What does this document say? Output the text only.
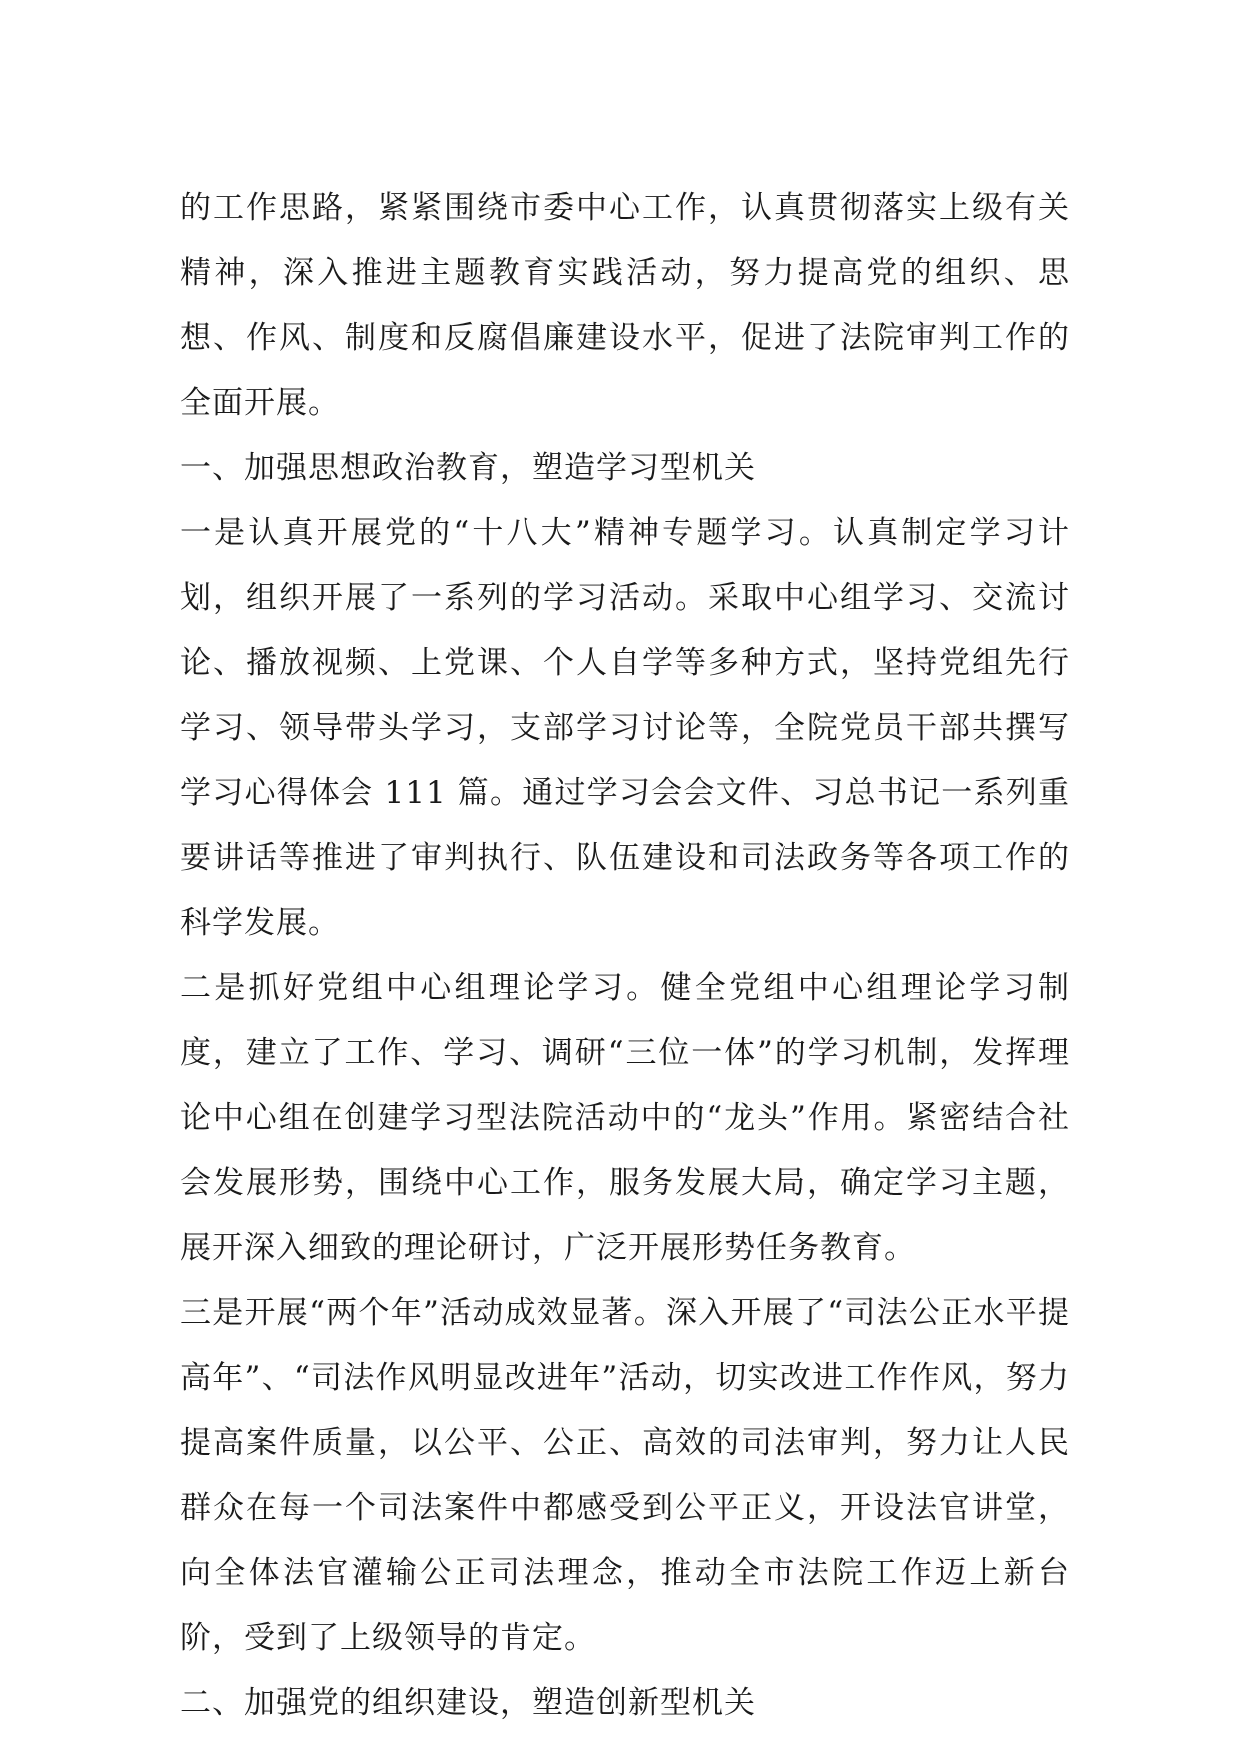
的工作思路，紧紧围绕市委中心工作，认真贯彻落实上级有关精神，深入推进主题教育实践活动，努力提高党的组织、思想、作风、制度和反腐倡廉建设水平，促进了法院审判工作的全面开展。

一、加强思想政治教育，塑造学习型机关

一是认真开展党的“十八大”精神专题学习。认真制定学习计划，组织开展了一系列的学习活动。采取中心组学习、交流讨论、播放视频、上党课、个人自学等多种方式，坚持党组先行学习、领导带头学习，支部学习讨论等，全院党员干部共撰写学习心得体会 111 篇。通过学习会会文件、习总书记一系列重要讲话等推进了审判执行、队伍建设和司法政务等各项工作的科学发展。

二是抓好党组中心组理论学习。健全党组中心组理论学习制度，建立了工作、学习、调研“三位一体”的学习机制，发挥理论中心组在创建学习型法院活动中的“龙头”作用。紧密结合社会发展形势，围绕中心工作，服务发展大局，确定学习主题，展开深入细致的理论研讨，广泛开展形势任务教育。

三是开展“两个年”活动成效显著。深入开展了“司法公正水平提高年”、“司法作风明显改进年”活动，切实改进工作作风，努力提高案件质量，以公平、公正、高效的司法审判，努力让人民群众在每一个司法案件中都感受到公平正义，开设法官讲堂，向全体法官灌输公正司法理念，推动全市法院工作迈上新台阶，受到了上级领导的肯定。

二、加强党的组织建设，塑造创新型机关
